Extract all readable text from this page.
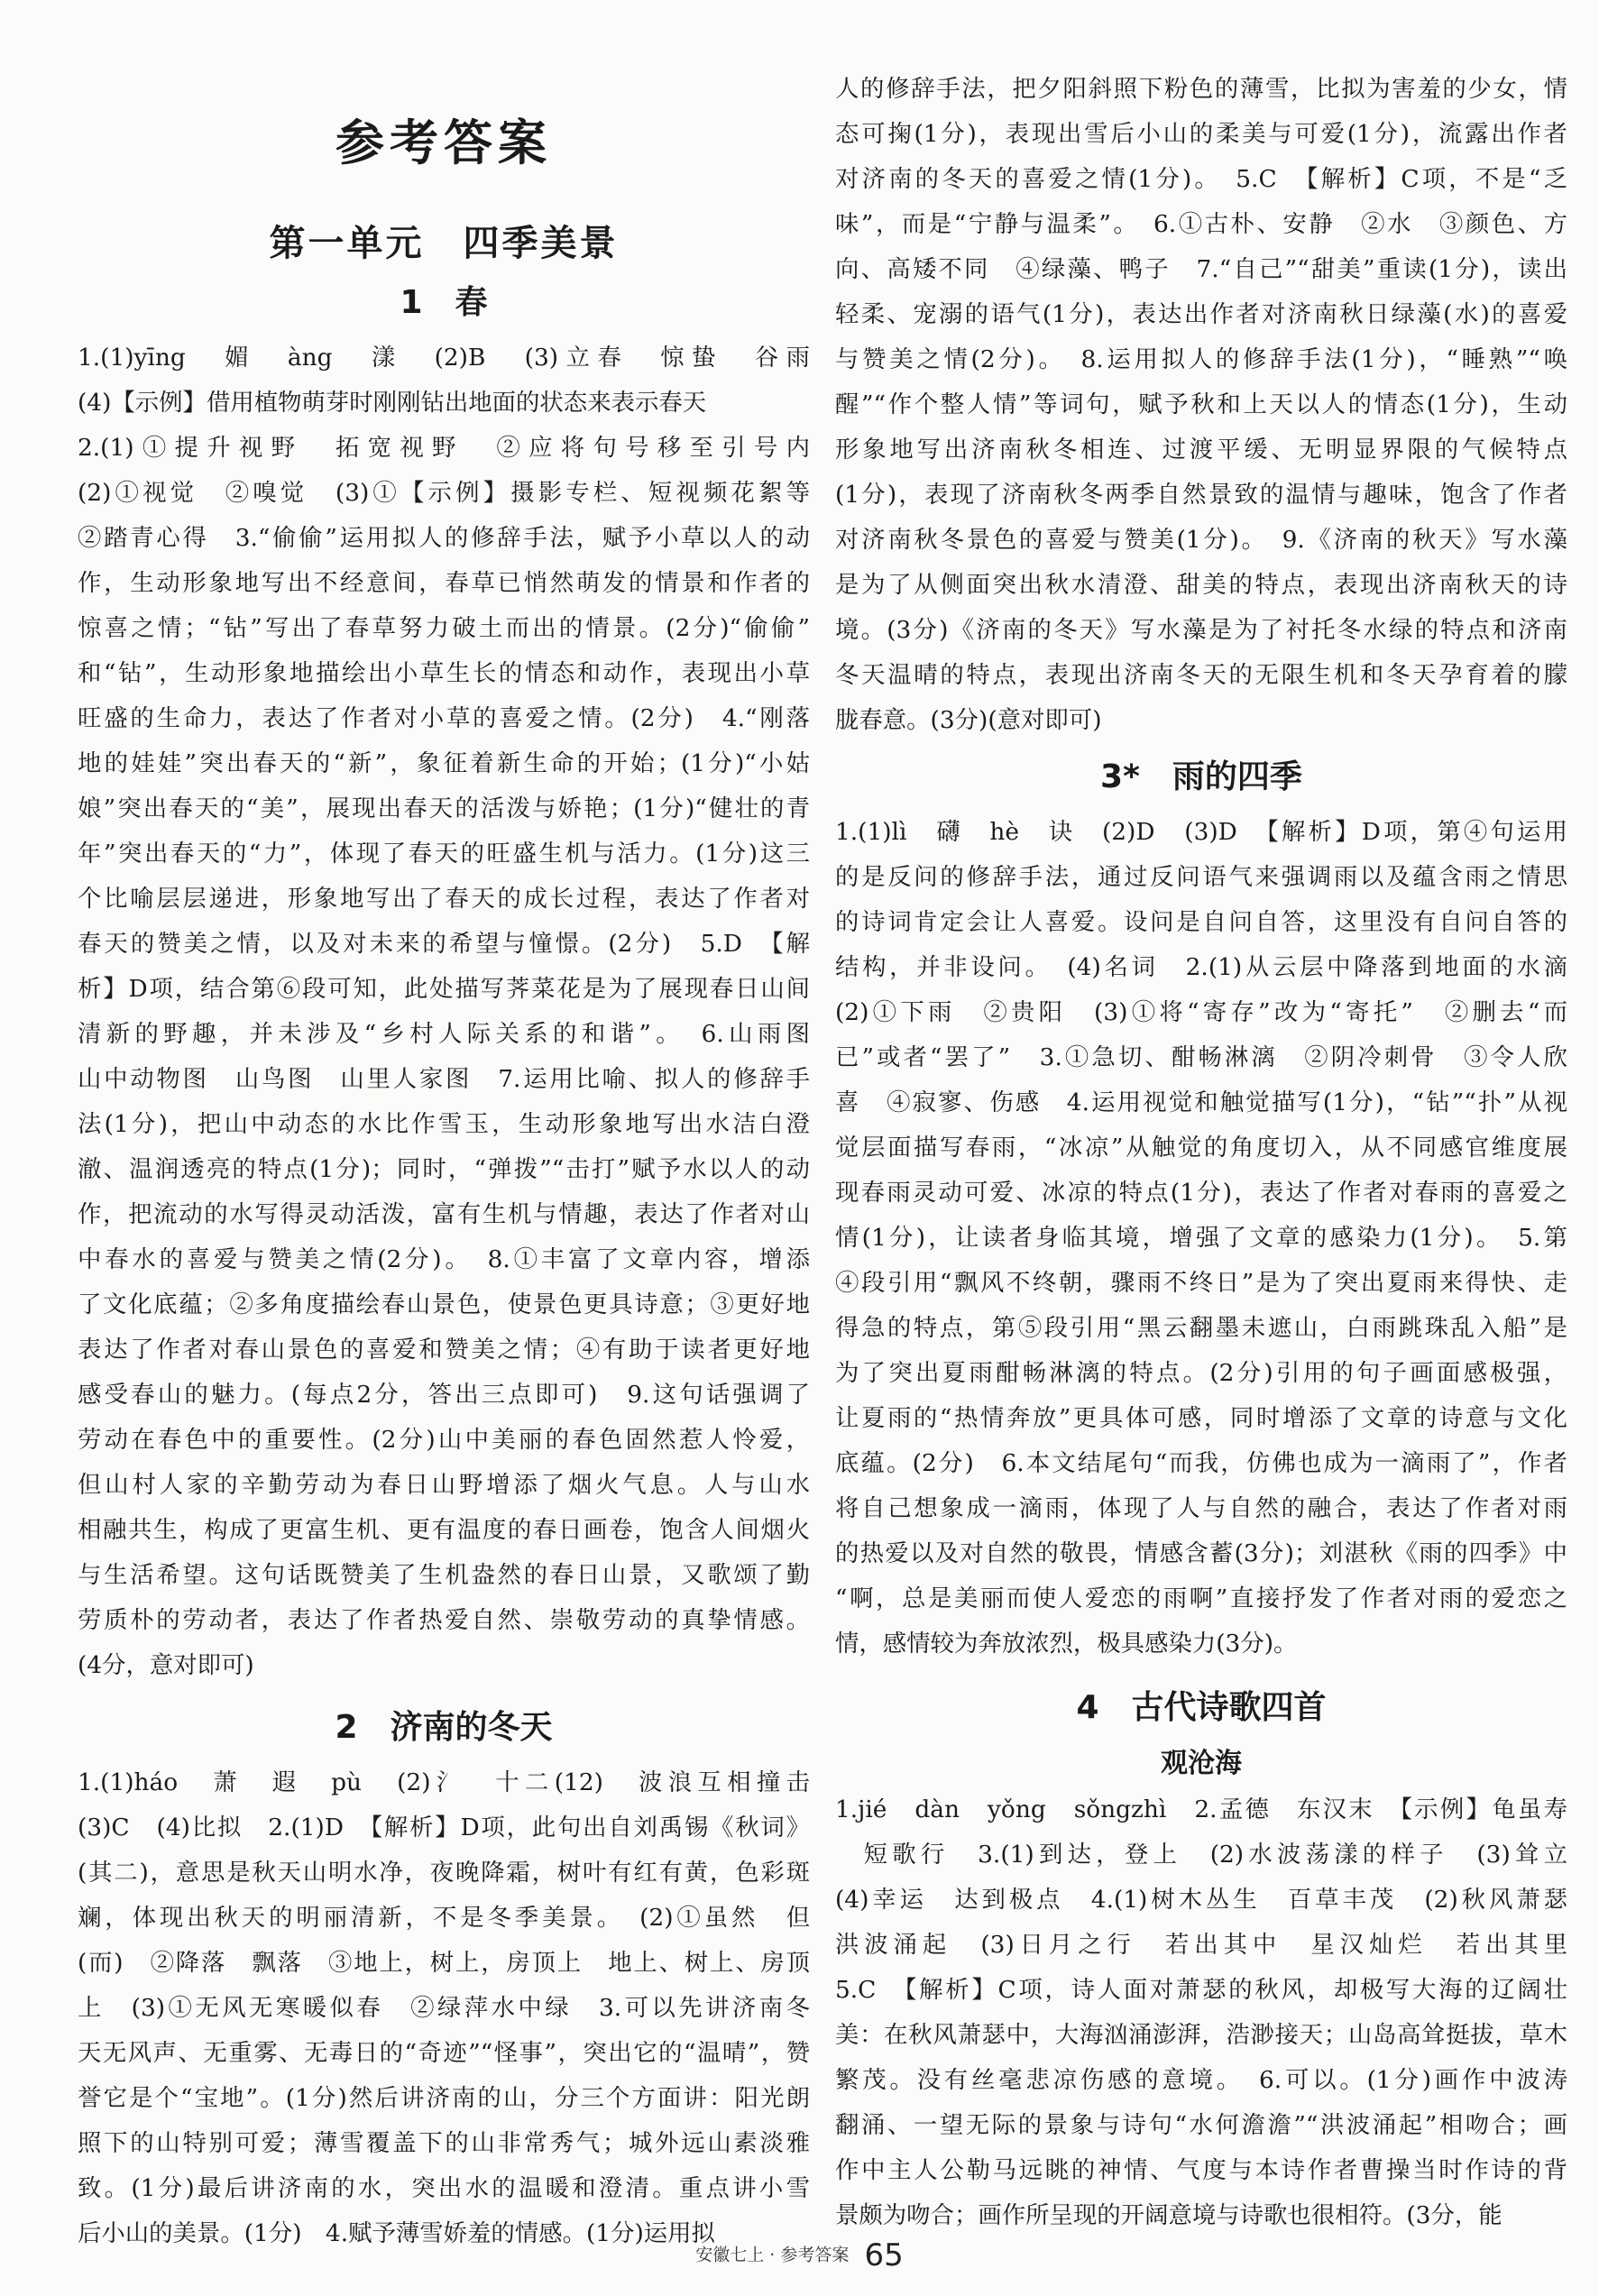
参考答案
第一单元　四季美景
1　春
1.(1)yīng　媚　àng　漾　(2)B　(3)立春　惊蛰　谷雨
(4)【示例】借用植物萌芽时刚刚钻出地面的状态来表示春天
2.(1)①提升视野　拓宽视野　②应将句号移至引号内
(2)①视觉　②嗅觉　(3)①【示例】摄影专栏、短视频花絮等
②踏青心得　3.“偷偷”运用拟人的修辞手法，赋予小草以人的动
作，生动形象地写出不经意间，春草已悄然萌发的情景和作者的
惊喜之情；“钻”写出了春草努力破土而出的情景。(2分)“偷偷”
和“钻”，生动形象地描绘出小草生长的情态和动作，表现出小草
旺盛的生命力，表达了作者对小草的喜爱之情。(2分)　4.“刚落
地的娃娃”突出春天的“新”，象征着新生命的开始；(1分)“小姑
娘”突出春天的“美”，展现出春天的活泼与娇艳；(1分)“健壮的青
年”突出春天的“力”，体现了春天的旺盛生机与活力。(1分)这三
个比喻层层递进，形象地写出了春天的成长过程，表达了作者对
春天的赞美之情，以及对未来的希望与憧憬。(2分)　5.D　【解
析】D项，结合第⑥段可知，此处描写荠菜花是为了展现春日山间
清新的野趣，并未涉及“乡村人际关系的和谐”。　6.山雨图
山中动物图　山鸟图　山里人家图　7.运用比喻、拟人的修辞手
法(1分)，把山中动态的水比作雪玉，生动形象地写出水洁白澄
澈、温润透亮的特点(1分)；同时，“弹拨”“击打”赋予水以人的动
作，把流动的水写得灵动活泼，富有生机与情趣，表达了作者对山
中春水的喜爱与赞美之情(2分)。　8.①丰富了文章内容，增添
了文化底蕴；②多角度描绘春山景色，使景色更具诗意；③更好地
表达了作者对春山景色的喜爱和赞美之情；④有助于读者更好地
感受春山的魅力。(每点2分，答出三点即可)　9.这句话强调了
劳动在春色中的重要性。(2分)山中美丽的春色固然惹人怜爱，
但山村人家的辛勤劳动为春日山野增添了烟火气息。人与山水
相融共生，构成了更富生机、更有温度的春日画卷，饱含人间烟火
与生活希望。这句话既赞美了生机盎然的春日山景，又歌颂了勤
劳质朴的劳动者，表达了作者热爱自然、崇敬劳动的真挚情感。
(4分，意对即可)
2　济南的冬天
1.(1)háo　萧　遐　pù　(2)氵　十二(12)　波浪互相撞击
(3)C　(4)比拟　2.(1)D　【解析】D项，此句出自刘禹锡《秋词》
(其二)，意思是秋天山明水净，夜晚降霜，树叶有红有黄，色彩斑
斓，体现出秋天的明丽清新，不是冬季美景。　(2)①虽然　但
(而)　②降落　飘落　③地上，树上，房顶上　地上、树上、房顶
上　(3)①无风无寒暖似春　②绿萍水中绿　3.可以先讲济南冬
天无风声、无重雾、无毒日的“奇迹”“怪事”，突出它的“温晴”，赞
誉它是个“宝地”。(1分)然后讲济南的山，分三个方面讲：阳光朗
照下的山特别可爱；薄雪覆盖下的山非常秀气；城外远山素淡雅
致。(1分)最后讲济南的水，突出水的温暖和澄清。重点讲小雪
后小山的美景。(1分)　4.赋予薄雪娇羞的情感。(1分)运用拟
人的修辞手法，把夕阳斜照下粉色的薄雪，比拟为害羞的少女，情
态可掬(1分)，表现出雪后小山的柔美与可爱(1分)，流露出作者
对济南的冬天的喜爱之情(1分)。　5.C　【解析】C项，不是“乏
味”，而是“宁静与温柔”。　6.①古朴、安静　②水　③颜色、方
向、高矮不同　④绿藻、鸭子　7.“自己”“甜美”重读(1分)，读出
轻柔、宠溺的语气(1分)，表达出作者对济南秋日绿藻(水)的喜爱
与赞美之情(2分)。　8.运用拟人的修辞手法(1分)，“睡熟”“唤
醒”“作个整人情”等词句，赋予秋和上天以人的情态(1分)，生动
形象地写出济南秋冬相连、过渡平缓、无明显界限的气候特点
(1分)，表现了济南秋冬两季自然景致的温情与趣味，饱含了作者
对济南秋冬景色的喜爱与赞美(1分)。　9.《济南的秋天》写水藻
是为了从侧面突出秋水清澄、甜美的特点，表现出济南秋天的诗
境。(3分)《济南的冬天》写水藻是为了衬托冬水绿的特点和济南
冬天温晴的特点，表现出济南冬天的无限生机和冬天孕育着的朦
胧春意。(3分)(意对即可)
3*　雨的四季
1.(1)lì　礴　hè　诀　(2)D　(3)D　【解析】D项，第④句运用
的是反问的修辞手法，通过反问语气来强调雨以及蕴含雨之情思
的诗词肯定会让人喜爱。设问是自问自答，这里没有自问自答的
结构，并非设问。　(4)名词　2.(1)从云层中降落到地面的水滴
(2)①下雨　②贵阳　(3)①将“寄存”改为“寄托”　②删去“而
已”或者“罢了”　3.①急切、酣畅淋漓　②阴冷刺骨　③令人欣
喜　④寂寥、伤感　4.运用视觉和触觉描写(1分)，“钻”“扑”从视
觉层面描写春雨，“冰凉”从触觉的角度切入，从不同感官维度展
现春雨灵动可爱、冰凉的特点(1分)，表达了作者对春雨的喜爱之
情(1分)，让读者身临其境，增强了文章的感染力(1分)。　5.第
④段引用“飘风不终朝，骤雨不终日”是为了突出夏雨来得快、走
得急的特点，第⑤段引用“黑云翻墨未遮山，白雨跳珠乱入船”是
为了突出夏雨酣畅淋漓的特点。(2分)引用的句子画面感极强，
让夏雨的“热情奔放”更具体可感，同时增添了文章的诗意与文化
底蕴。(2分)　6.本文结尾句“而我，仿佛也成为一滴雨了”，作者
将自己想象成一滴雨，体现了人与自然的融合，表达了作者对雨
的热爱以及对自然的敬畏，情感含蓄(3分)；刘湛秋《雨的四季》中
“啊，总是美丽而使人爱恋的雨啊”直接抒发了作者对雨的爱恋之
情，感情较为奔放浓烈，极具感染力(3分)。
4　古代诗歌四首
观沧海
1.jié　dàn　yǒng　sǒngzhì　2.孟德　东汉末　【示例】龟虽寿
　短歌行　3.(1)到达，登上　(2)水波荡漾的样子　(3)耸立
(4)幸运　达到极点　4.(1)树木丛生　百草丰茂　(2)秋风萧瑟
洪波涌起　(3)日月之行　若出其中　星汉灿烂　若出其里
5.C　【解析】C项，诗人面对萧瑟的秋风，却极写大海的辽阔壮
美：在秋风萧瑟中，大海汹涌澎湃，浩渺接天；山岛高耸挺拔，草木
繁茂。没有丝毫悲凉伤感的意境。　6.可以。(1分)画作中波涛
翻涌、一望无际的景象与诗句“水何澹澹”“洪波涌起”相吻合；画
作中主人公勒马远眺的神情、气度与本诗作者曹操当时作诗的背
景颇为吻合；画作所呈现的开阔意境与诗歌也很相符。(3分，能
安徽七上 · 参考答案 65
